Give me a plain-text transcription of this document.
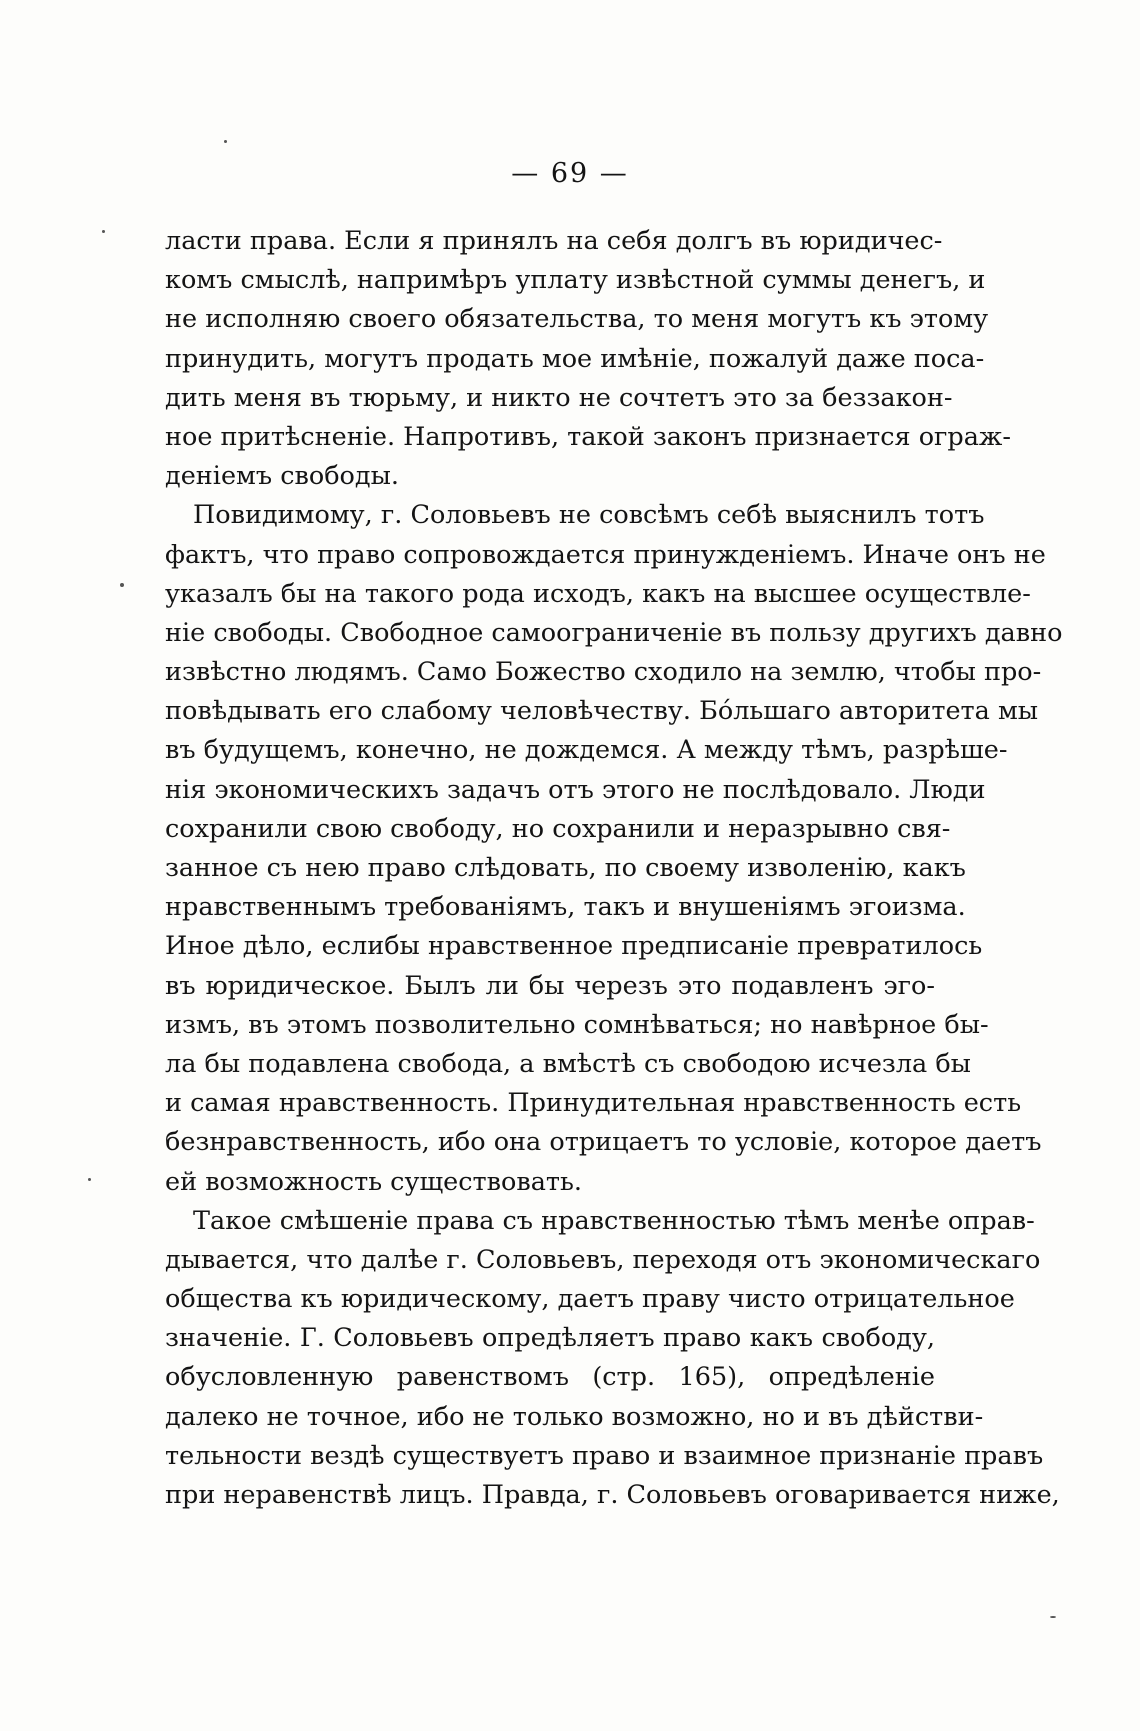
— 69 —
ласти права. Если я принялъ на себя долгъ въ юридичес-
комъ смыслѣ, напримѣръ уплату извѣстной суммы денегъ, и
не исполняю своего обязательства, то меня могутъ къ этому
принудить, могутъ продать мое имѣніе, пожалуй даже поса-
дить меня въ тюрьму, и никто не сочтетъ это за беззакон-
ное притѣсненіе. Напротивъ, такой законъ признается ограж-
деніемъ свободы.
Повидимому, г. Соловьевъ не совсѣмъ себѣ выяснилъ тотъ
фактъ, что право сопровождается принужденіемъ. Иначе онъ не
указалъ бы на такого рода исходъ, какъ на высшее осуществле-
ніе свободы. Свободное самоограниченіе въ пользу другихъ давно
извѣстно людямъ. Само Божество сходило на землю, чтобы про-
повѣдывать его слабому человѣчеству. Бóльшаго авторитета мы
въ будущемъ, конечно, не дождемся. А между тѣмъ, разрѣше-
нія экономическихъ задачъ отъ этого не послѣдовало. Люди
сохранили свою свободу, но сохранили и неразрывно свя-
занное съ нею право слѣдовать, по своему изволенію, какъ
нравственнымъ требованіямъ, такъ и внушеніямъ эгоизма.
Иное дѣло, еслибы нравственное предписаніе превратилось
въ юридическое. Былъ ли бы черезъ это подавленъ эго-
измъ, въ этомъ позволительно сомнѣваться; но навѣрное бы-
ла бы подавлена свобода, а вмѣстѣ съ свободою исчезла бы
и самая нравственность. Принудительная нравственность есть
безнравственность, ибо она отрицаетъ то условіе, которое даетъ
ей возможность существовать.
Такое смѣшеніе права съ нравственностью тѣмъ менѣе оправ-
дывается, что далѣе г. Соловьевъ, переходя отъ экономическаго
общества къ юридическому, даетъ праву чисто отрицательное
значеніе. Г. Соловьевъ опредѣляетъ право какъ свободу,
обусловленную равенствомъ (стр. 165), опредѣленіе
далеко не точное, ибо не только возможно, но и въ дѣйстви-
тельности вездѣ существуетъ право и взаимное признаніе правъ
при неравенствѣ лицъ. Правда, г. Соловьевъ оговаривается ниже,
